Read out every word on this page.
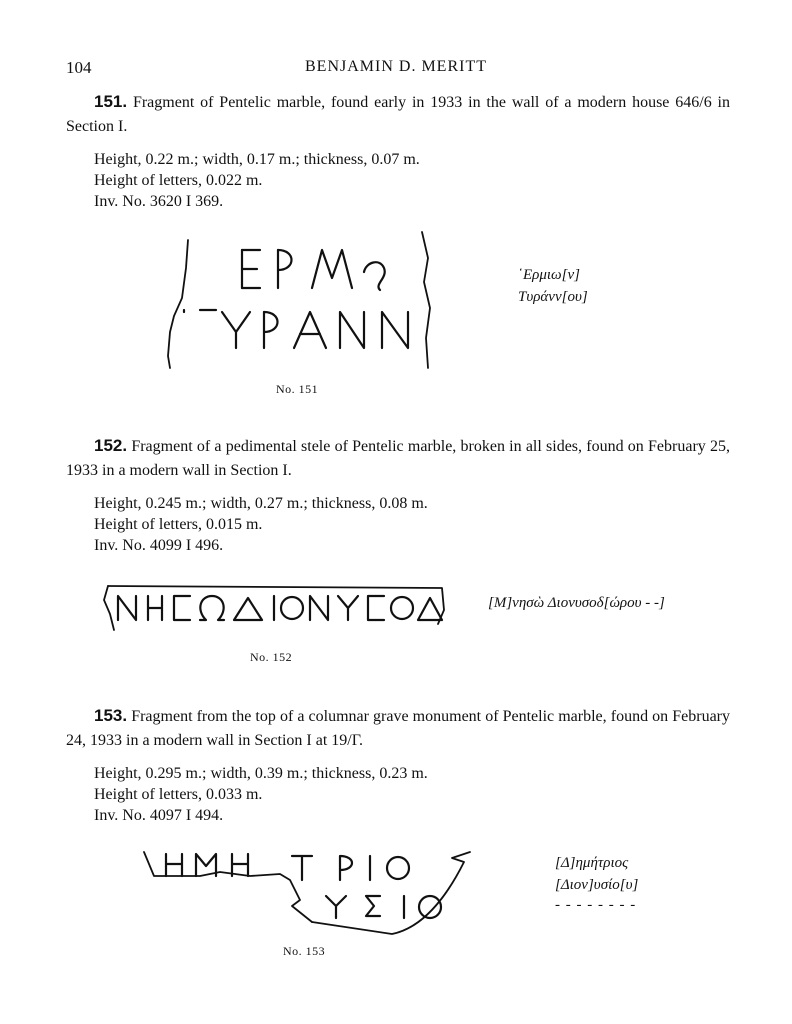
104	BENJAMIN D. MERITT

151. Fragment of Pentelic marble, found early in 1933 in the wall of a modern house 646/6 in Section I.

Height, 0.22 m.; width, 0.17 m.; thickness, 0.07 m.
Height of letters, 0.022 m.
Inv. No. 3620 I 369.
No. 151
῾Ερμιω[ν]
Τυράνν[ου]

152. Fragment of a pedimental stele of Pentelic marble, broken in all sides, found on February 25, 1933 in a modern wall in Section I.

Height, 0.245 m.; width, 0.27 m.; thickness, 0.08 m.
Height of letters, 0.015 m.
Inv. No. 4099 I 496.
No. 152
[Μ]νησὼ Διονυσοδ[ώρου - -]

153. Fragment from the top of a columnar grave monument of Pentelic marble, found on February 24, 1933 in a modern wall in Section I at 19/Γ.

Height, 0.295 m.; width, 0.39 m.; thickness, 0.23 m.
Height of letters, 0.033 m.
Inv. No. 4097 I 494.
No. 153
[Δ]ημήτριος
[Διον]υσίο[υ]
- - - - - - - -
